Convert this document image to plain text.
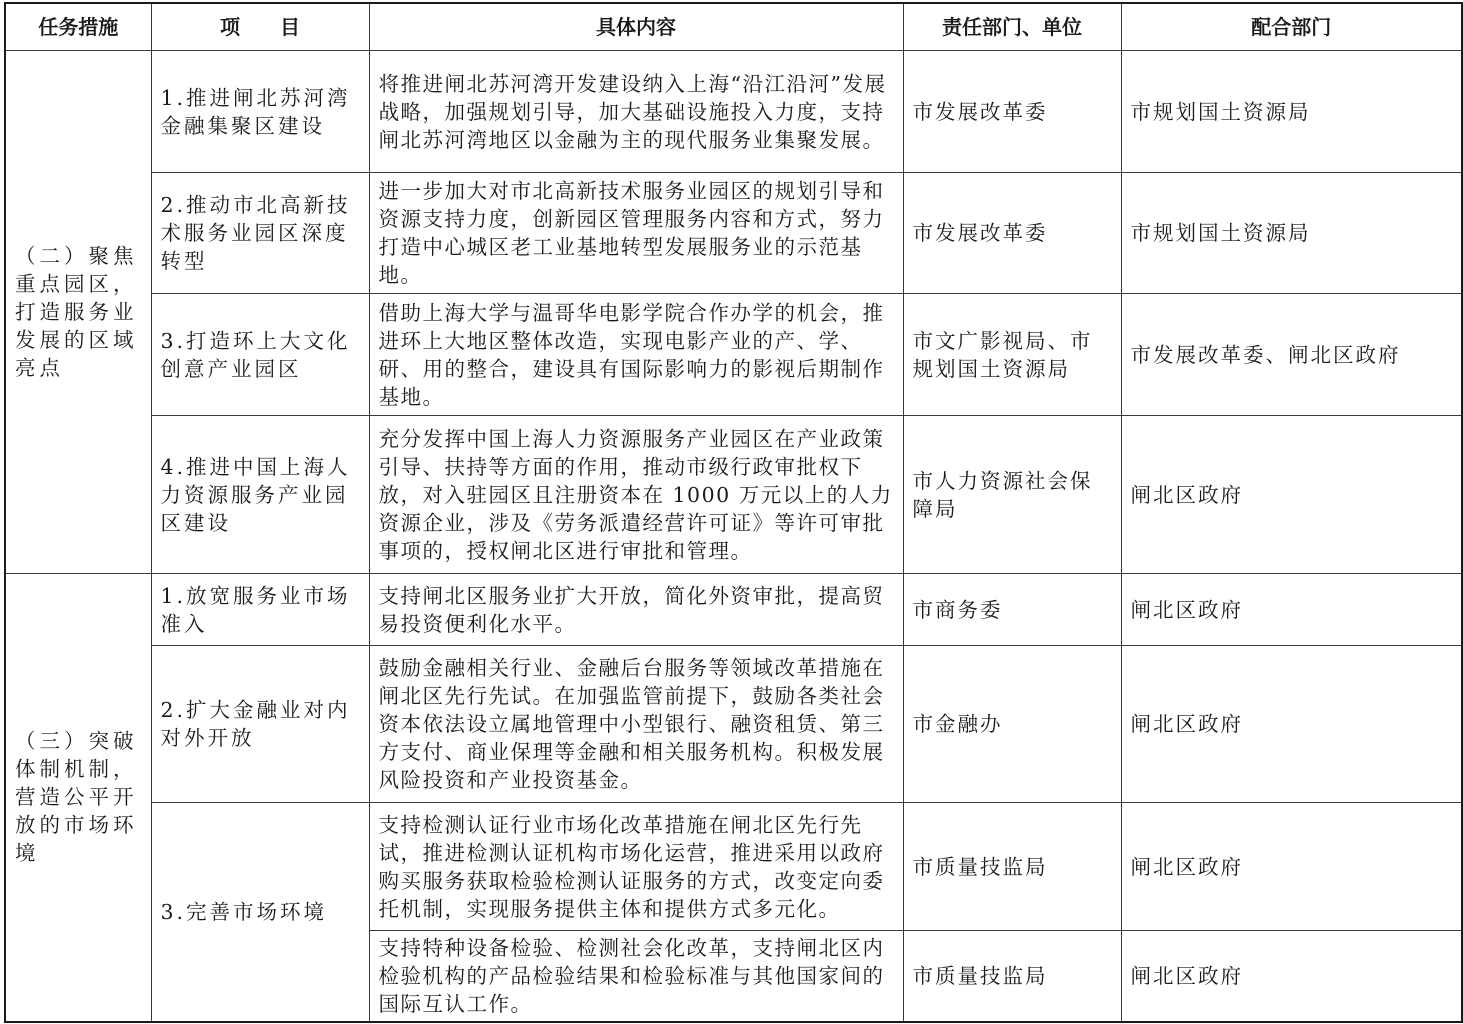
任务措施	项　　目	具体内容	责任部门、单位	配合部门
（二）聚焦重点园区，打造服务业发展的区域亮点	1.推进闸北苏河湾金融集聚区建设	将推进闸北苏河湾开发建设纳入上海“沿江沿河”发展战略，加强规划引导，加大基础设施投入力度，支持闸北苏河湾地区以金融为主的现代服务业集聚发展。	市发展改革委	市规划国土资源局
	2.推动市北高新技术服务业园区深度转型	进一步加大对市北高新技术服务业园区的规划引导和资源支持力度，创新园区管理服务内容和方式，努力打造中心城区老工业基地转型发展服务业的示范基地。	市发展改革委	市规划国土资源局
	3.打造环上大文化创意产业园区	借助上海大学与温哥华电影学院合作办学的机会，推进环上大地区整体改造，实现电影产业的产、学、研、用的整合，建设具有国际影响力的影视后期制作基地。	市文广影视局、市规划国土资源局	市发展改革委、闸北区政府
	4.推进中国上海人力资源服务产业园区建设	充分发挥中国上海人力资源服务产业园区在产业政策引导、扶持等方面的作用，推动市级行政审批权下放，对入驻园区且注册资本在 1000 万元以上的人力资源企业，涉及《劳务派遣经营许可证》等许可审批事项的，授权闸北区进行审批和管理。	市人力资源社会保障局	闸北区政府
（三）突破体制机制，营造公平开放的市场环境	1.放宽服务业市场准入	支持闸北区服务业扩大开放，简化外资审批，提高贸易投资便利化水平。	市商务委	闸北区政府
	2.扩大金融业对内对外开放	鼓励金融相关行业、金融后台服务等领域改革措施在闸北区先行先试。在加强监管前提下，鼓励各类社会资本依法设立属地管理中小型银行、融资租赁、第三方支付、商业保理等金融和相关服务机构。积极发展风险投资和产业投资基金。	市金融办	闸北区政府
	3.完善市场环境	支持检测认证行业市场化改革措施在闸北区先行先试，推进检测认证机构市场化运营，推进采用以政府购买服务获取检验检测认证服务的方式，改变定向委托机制，实现服务提供主体和提供方式多元化。	市质量技监局	闸北区政府
		支持特种设备检验、检测社会化改革，支持闸北区内检验机构的产品检验结果和检验标准与其他国家间的国际互认工作。	市质量技监局	闸北区政府
